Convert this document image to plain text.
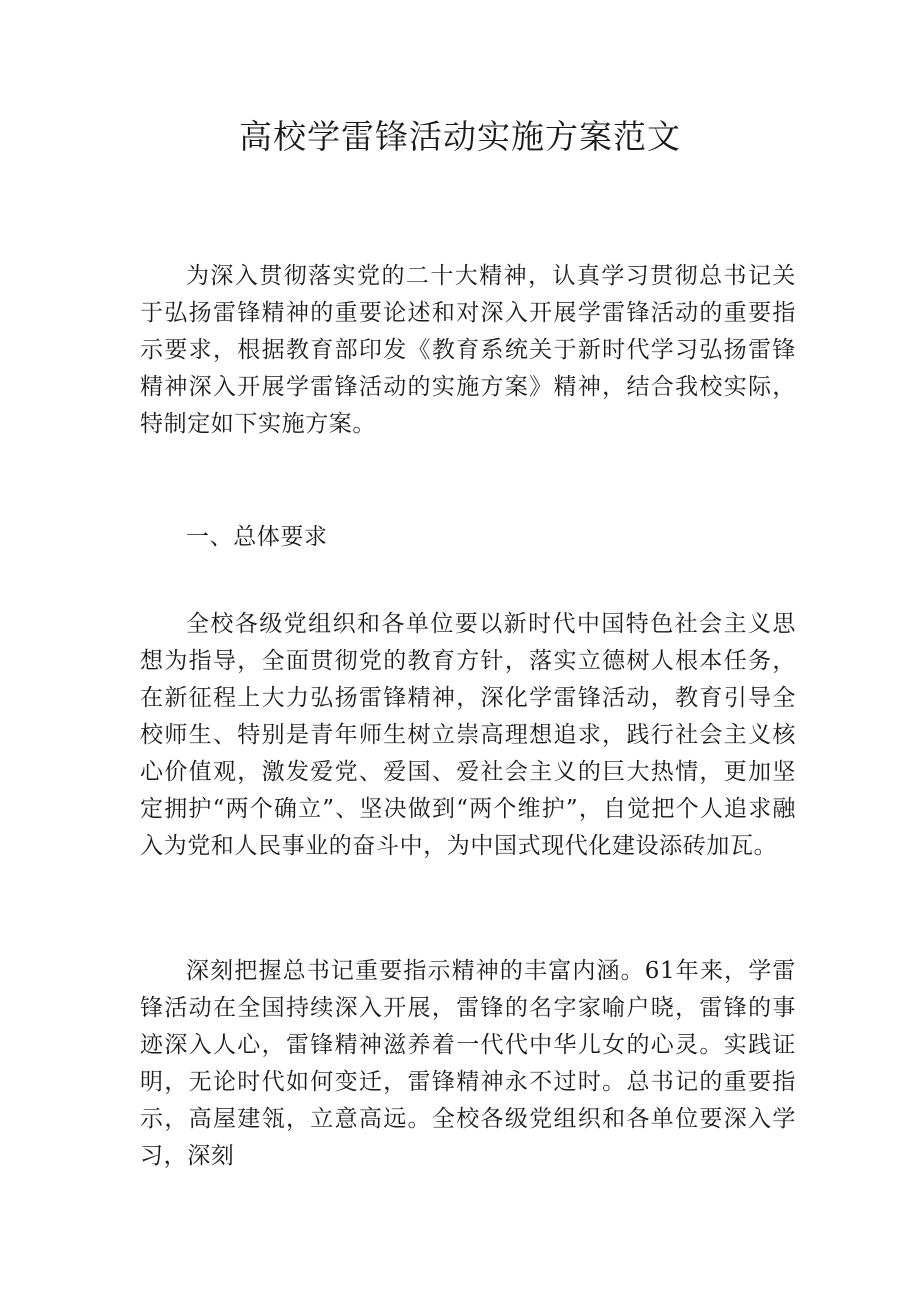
高校学雷锋活动实施方案范文

为深入贯彻落实党的二十大精神，认真学习贯彻总书记关于弘扬雷锋精神的重要论述和对深入开展学雷锋活动的重要指示要求，根据教育部印发《教育系统关于新时代学习弘扬雷锋精神深入开展学雷锋活动的实施方案》精神，结合我校实际，特制定如下实施方案。

一、总体要求

全校各级党组织和各单位要以新时代中国特色社会主义思想为指导，全面贯彻党的教育方针，落实立德树人根本任务，在新征程上大力弘扬雷锋精神，深化学雷锋活动，教育引导全校师生、特别是青年师生树立崇高理想追求，践行社会主义核心价值观，激发爱党、爱国、爱社会主义的巨大热情，更加坚定拥护“两个确立”、坚决做到“两个维护”，自觉把个人追求融入为党和人民事业的奋斗中，为中国式现代化建设添砖加瓦。

深刻把握总书记重要指示精神的丰富内涵。61年来，学雷锋活动在全国持续深入开展，雷锋的名字家喻户晓，雷锋的事迹深入人心，雷锋精神滋养着一代代中华儿女的心灵。实践证明，无论时代如何变迁，雷锋精神永不过时。总书记的重要指示，高屋建瓴，立意高远。全校各级党组织和各单位要深入学习，深刻
